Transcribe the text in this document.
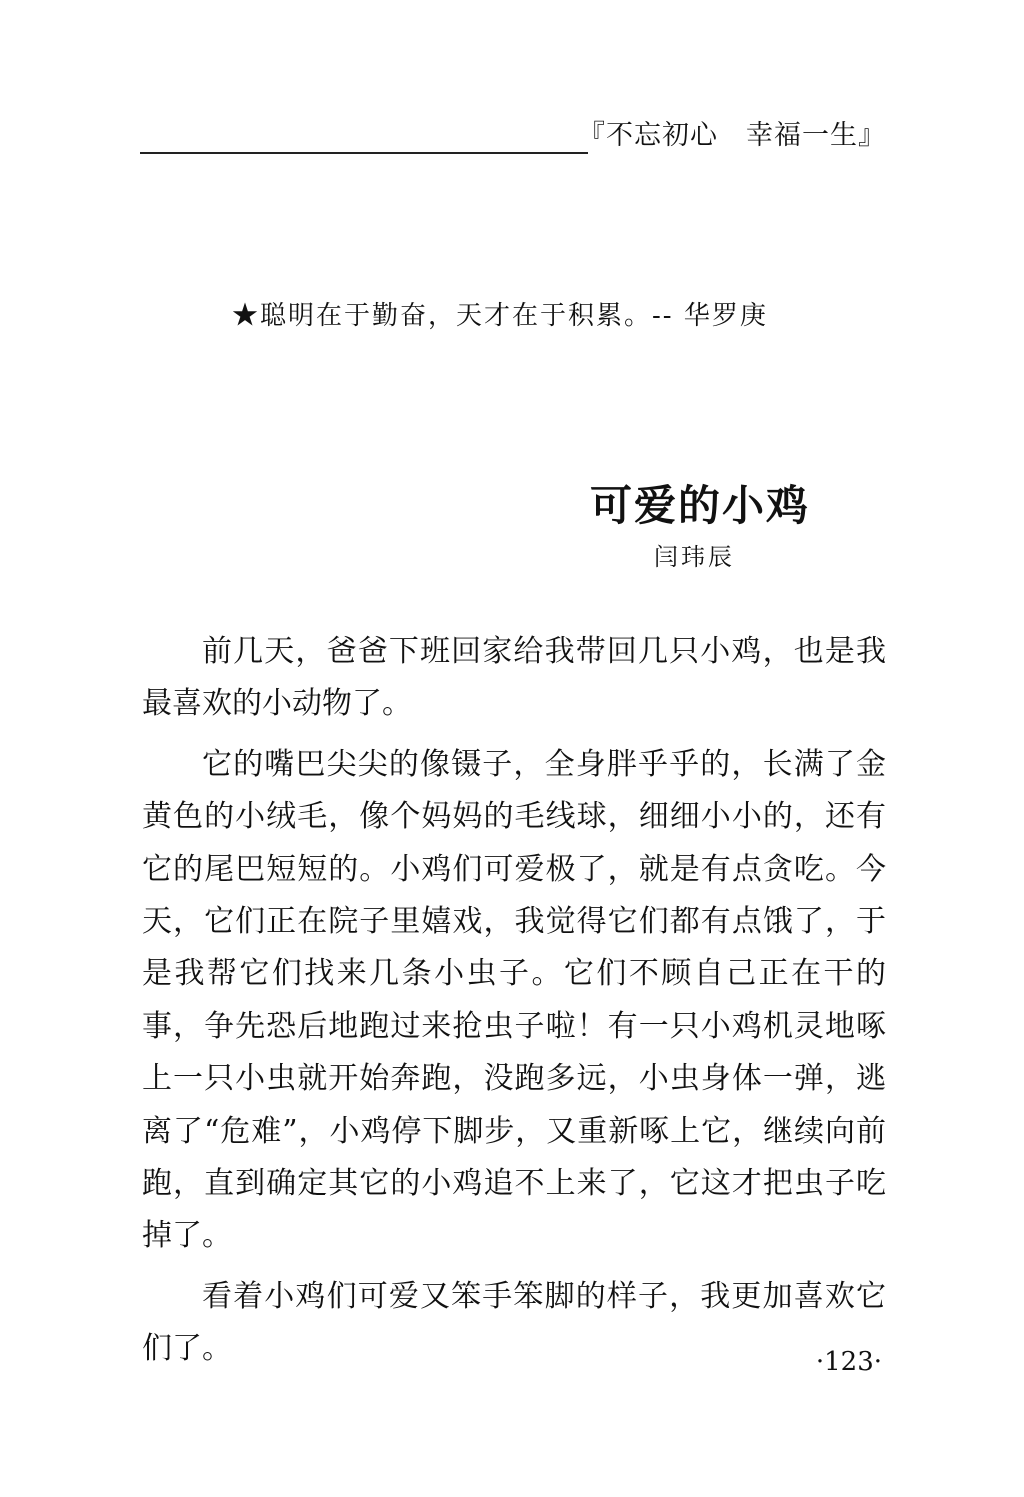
『不忘初心　幸福一生』
★聪明在于勤奋，天才在于积累。-- 华罗庚
可爱的小鸡
闫玮辰

前几天，爸爸下班回家给我带回几只小鸡，也是我最喜欢的小动物了。

它的嘴巴尖尖的像镊子，全身胖乎乎的，长满了金黄色的小绒毛，像个妈妈的毛线球，细细小小的，还有它的尾巴短短的。小鸡们可爱极了，就是有点贪吃。今天，它们正在院子里嬉戏，我觉得它们都有点饿了，于是我帮它们找来几条小虫子。它们不顾自己正在干的事，争先恐后地跑过来抢虫子啦！有一只小鸡机灵地啄上一只小虫就开始奔跑，没跑多远，小虫身体一弹，逃离了“危难”，小鸡停下脚步，又重新啄上它，继续向前跑，直到确定其它的小鸡追不上来了，它这才把虫子吃掉了。

看着小鸡们可爱又笨手笨脚的样子，我更加喜欢它们了。	·123·
